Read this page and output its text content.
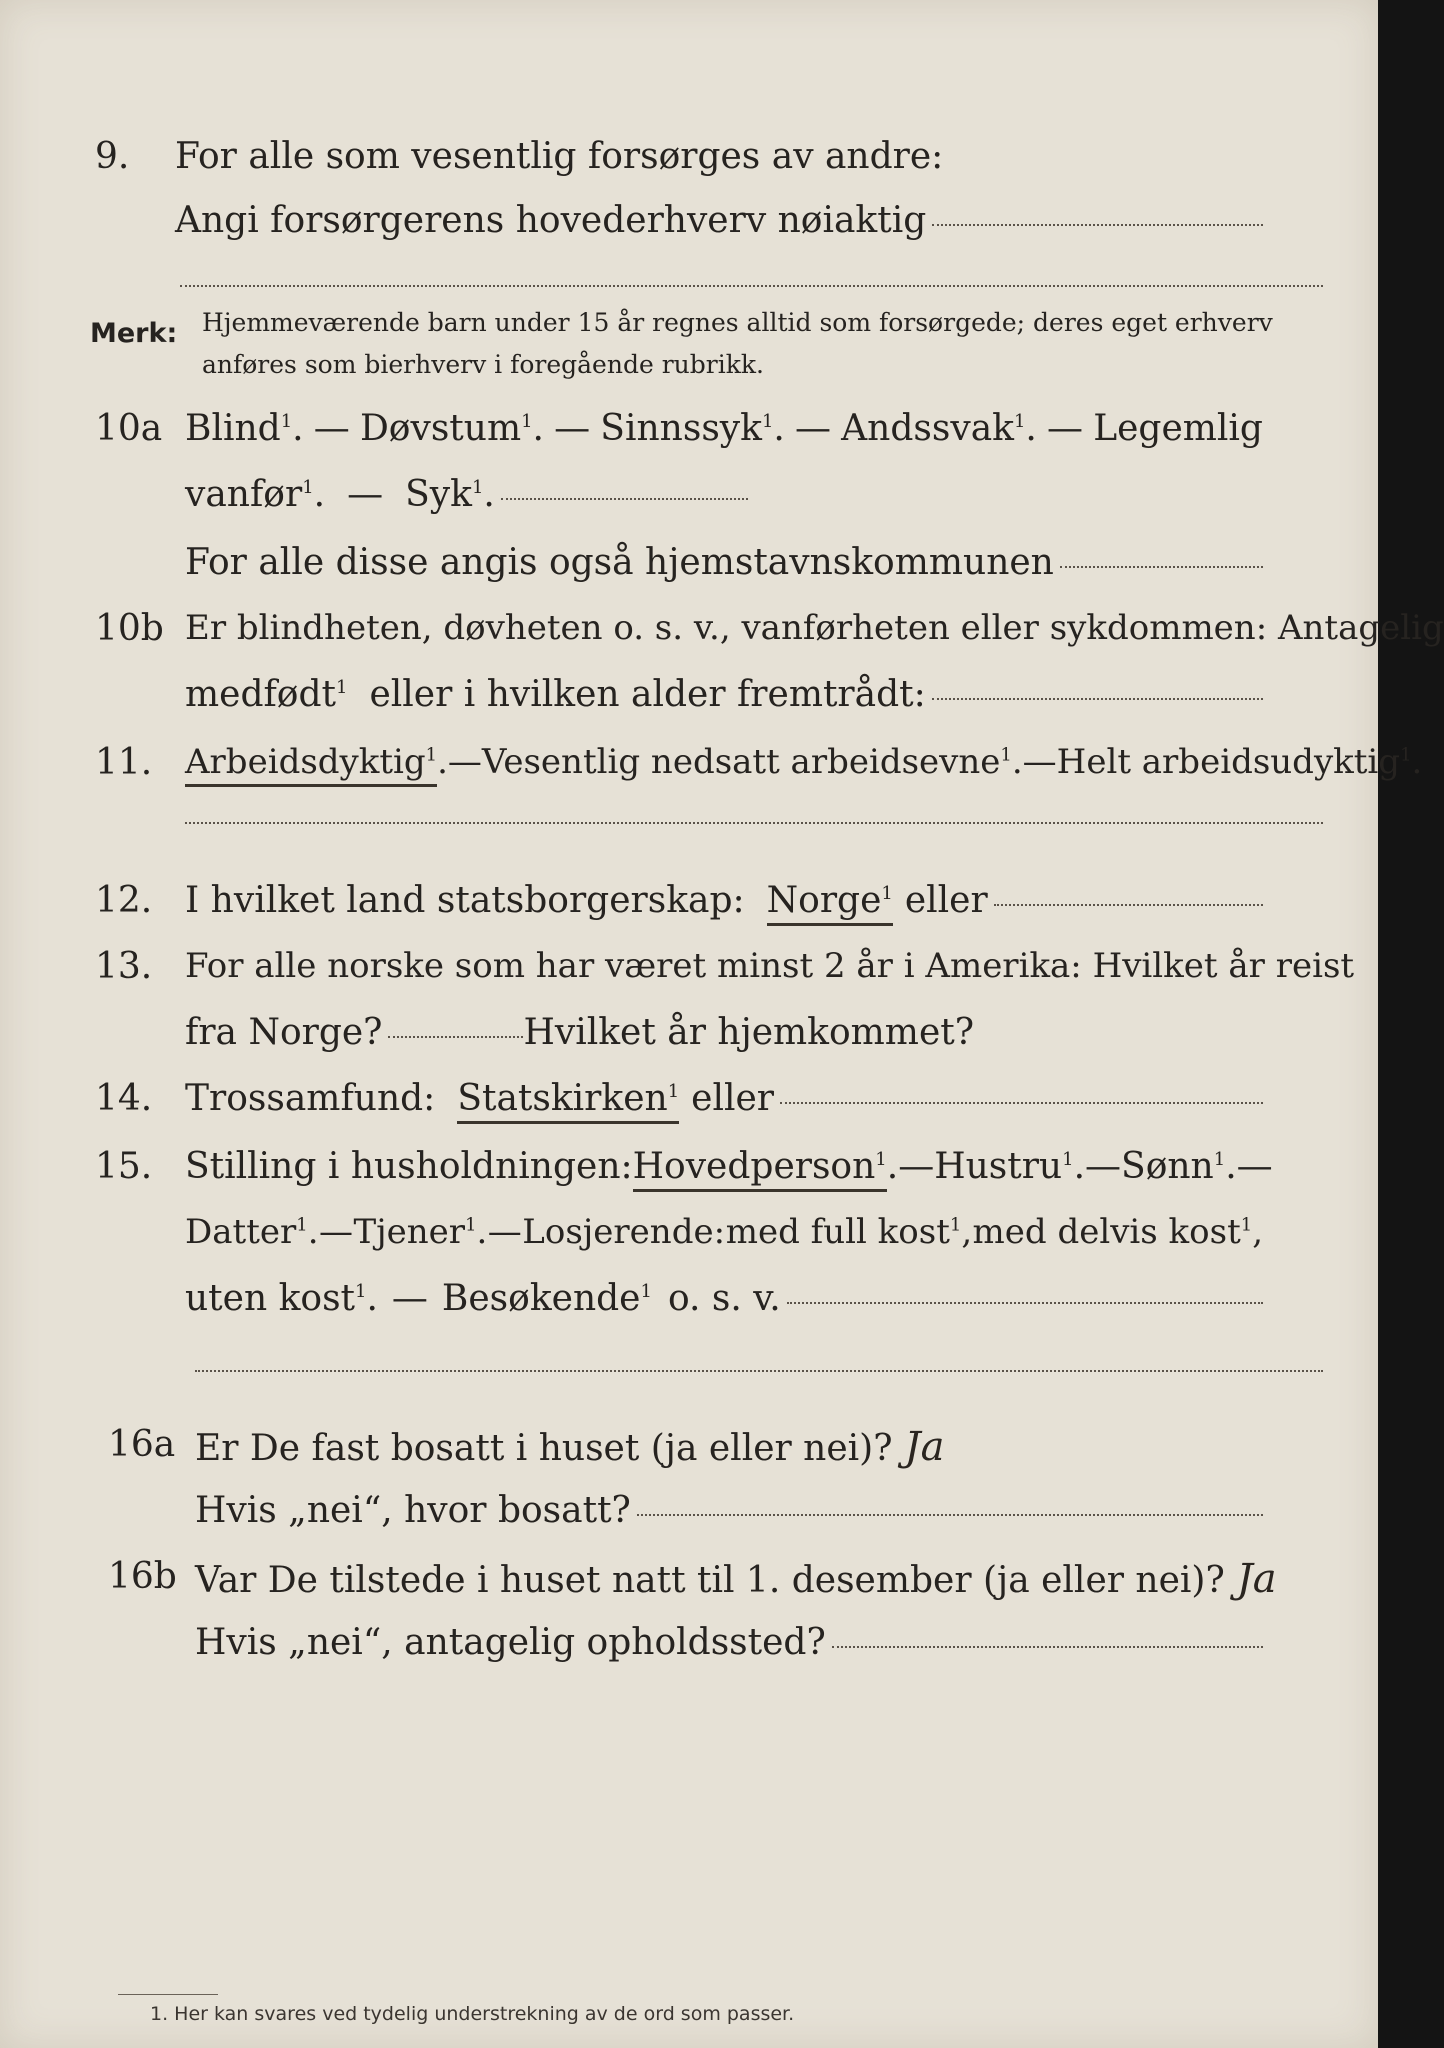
9.	For alle som vesentlig forsørges av andre:
Angi forsørgerens hovederhverv nøiaktig
Merk: Hjemmeværende barn under 15 år regnes alltid som forsørgede; deres eget erhverv anføres som bierhverv i foregående rubrikk.
10a Blind$^1$. — Døvstum$^1$. — Sinnssyk$^1$. — Andssvak$^1$. — Legemlig
vanfør$^1$. — Syk$^1$.
For alle disse angis også hjemstavnskommunen
10b Er blindheten, døvheten o. s. v., vanførheten eller sykdommen: Antagelig
medfødt$^1$ eller i hvilken alder fremtrådt:
11. Arbeidsdyktig$^1$ . — Vesentlig nedsatt arbeidsevne$^1$. — Helt arbeidsudyktig$^1$.
12. I hvilket land statsborgerskap: Norge$^1$ eller
13. For alle norske som har været minst 2 år i Amerika: Hvilket år reist
fra Norge?	Hvilket år hjemkommet?
14. Trossamfund: Statskirken$^1$ eller
15. Stilling i husholdningen: Hovedperson$^1$ . — Hustru$^1$. — Sønn$^1$. —
Datter$^1$. — Tjener$^1$. — Losjerende: med full kost$^1$, med delvis kost$^1$,
uten kost$^1$. — Besøkende$^1$ o. s. v.
16a Er De fast bosatt i huset (ja eller nei)? Ja
Hvis „nei“, hvor bosatt?
16b Var De tilstede i huset natt til 1. desember (ja eller nei)? Ja
Hvis „nei“, antagelig opholdssted?
1. Her kan svares ved tydelig understrekning av de ord som passer.
